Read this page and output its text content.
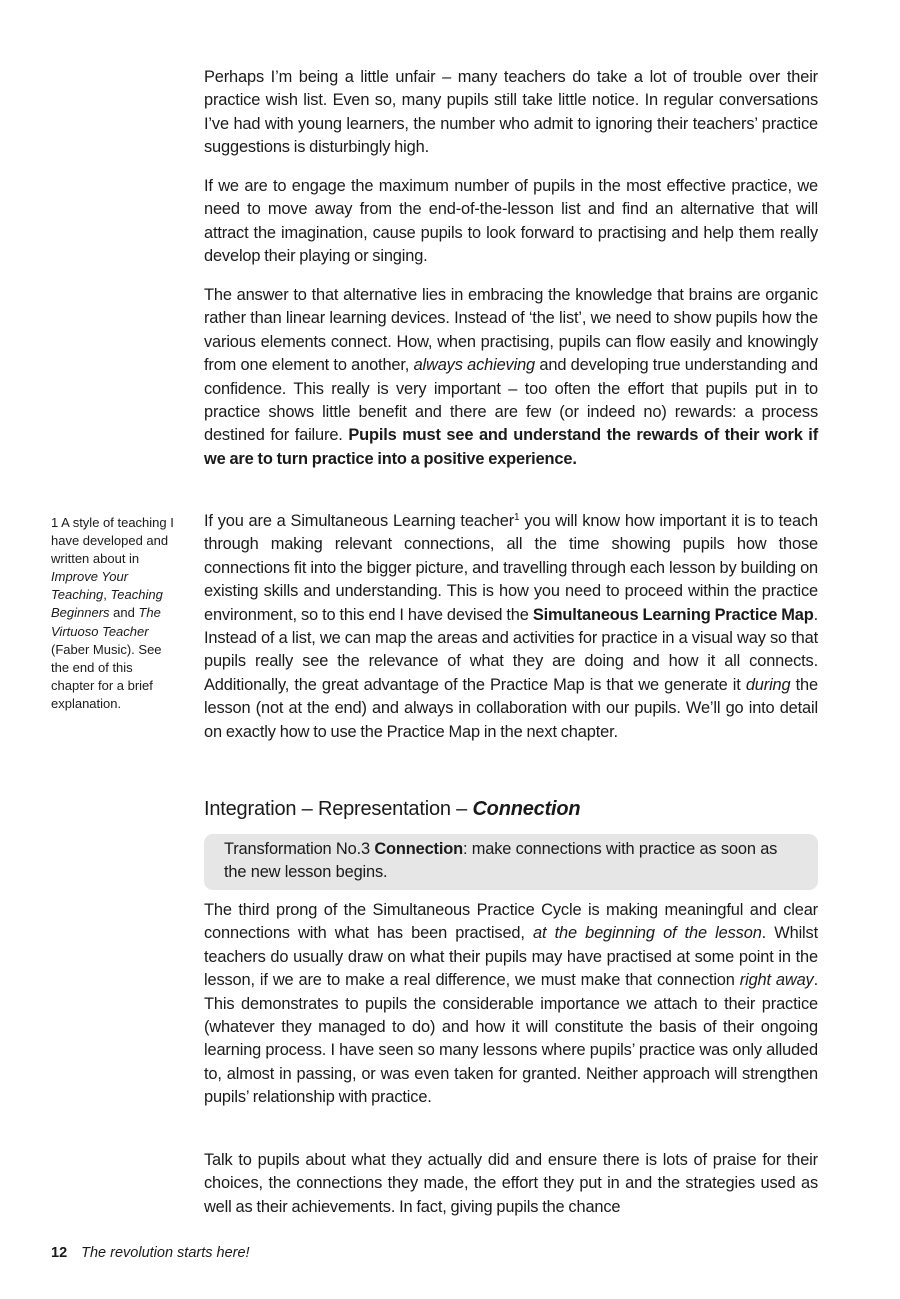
Perhaps I’m being a little unfair – many teachers do take a lot of trouble over their practice wish list. Even so, many pupils still take little notice. In regular conversations I’ve had with young learners, the number who admit to ignoring their teachers’ practice suggestions is disturbingly high.

If we are to engage the maximum number of pupils in the most effective practice, we need to move away from the end-of-the-lesson list and find an alternative that will attract the imagination, cause pupils to look forward to practising and help them really develop their playing or singing.

The answer to that alternative lies in embracing the knowledge that brains are organic rather than linear learning devices. Instead of ‘the list’, we need to show pupils how the various elements connect. How, when practising, pupils can flow easily and knowingly from one element to another, always achieving and developing true understanding and confidence. This really is very important – too often the effort that pupils put in to practice shows little benefit and there are few (or indeed no) rewards: a process destined for failure. Pupils must see and understand the rewards of their work if we are to turn practice into a positive experience.

1 A style of teaching I have developed and written about in Improve Your Teaching, Teaching Beginners and The Virtuoso Teacher (Faber Music). See the end of this chapter for a brief explanation.

If you are a Simultaneous Learning teacher$^1$ you will know how important it is to teach through making relevant connections, all the time showing pupils how those connections fit into the bigger picture, and travelling through each lesson by building on existing skills and understanding. This is how you need to proceed within the practice environment, so to this end I have devised the Simultaneous Learning Practice Map. Instead of a list, we can map the areas and activities for practice in a visual way so that pupils really see the relevance of what they are doing and how it all connects. Additionally, the great advantage of the Practice Map is that we generate it during the lesson (not at the end) and always in collaboration with our pupils. We’ll go into detail on exactly how to use the Practice Map in the next chapter.

Integration – Representation – Connection
Transformation No.3 Connection: make connections with practice as soon as the new lesson begins.

The third prong of the Simultaneous Practice Cycle is making meaningful and clear connections with what has been practised, at the beginning of the lesson. Whilst teachers do usually draw on what their pupils may have practised at some point in the lesson, if we are to make a real difference, we must make that connection right away. This demonstrates to pupils the considerable importance we attach to their practice (whatever they managed to do) and how it will constitute the basis of their ongoing learning process. I have seen so many lessons where pupils’ practice was only alluded to, almost in passing, or was even taken for granted. Neither approach will strengthen pupils’ relationship with practice.

Talk to pupils about what they actually did and ensure there is lots of praise for their choices, the connections they made, the effort they put in and the strategies used as well as their achievements. In fact, giving pupils the chance

12 The revolution starts here!
